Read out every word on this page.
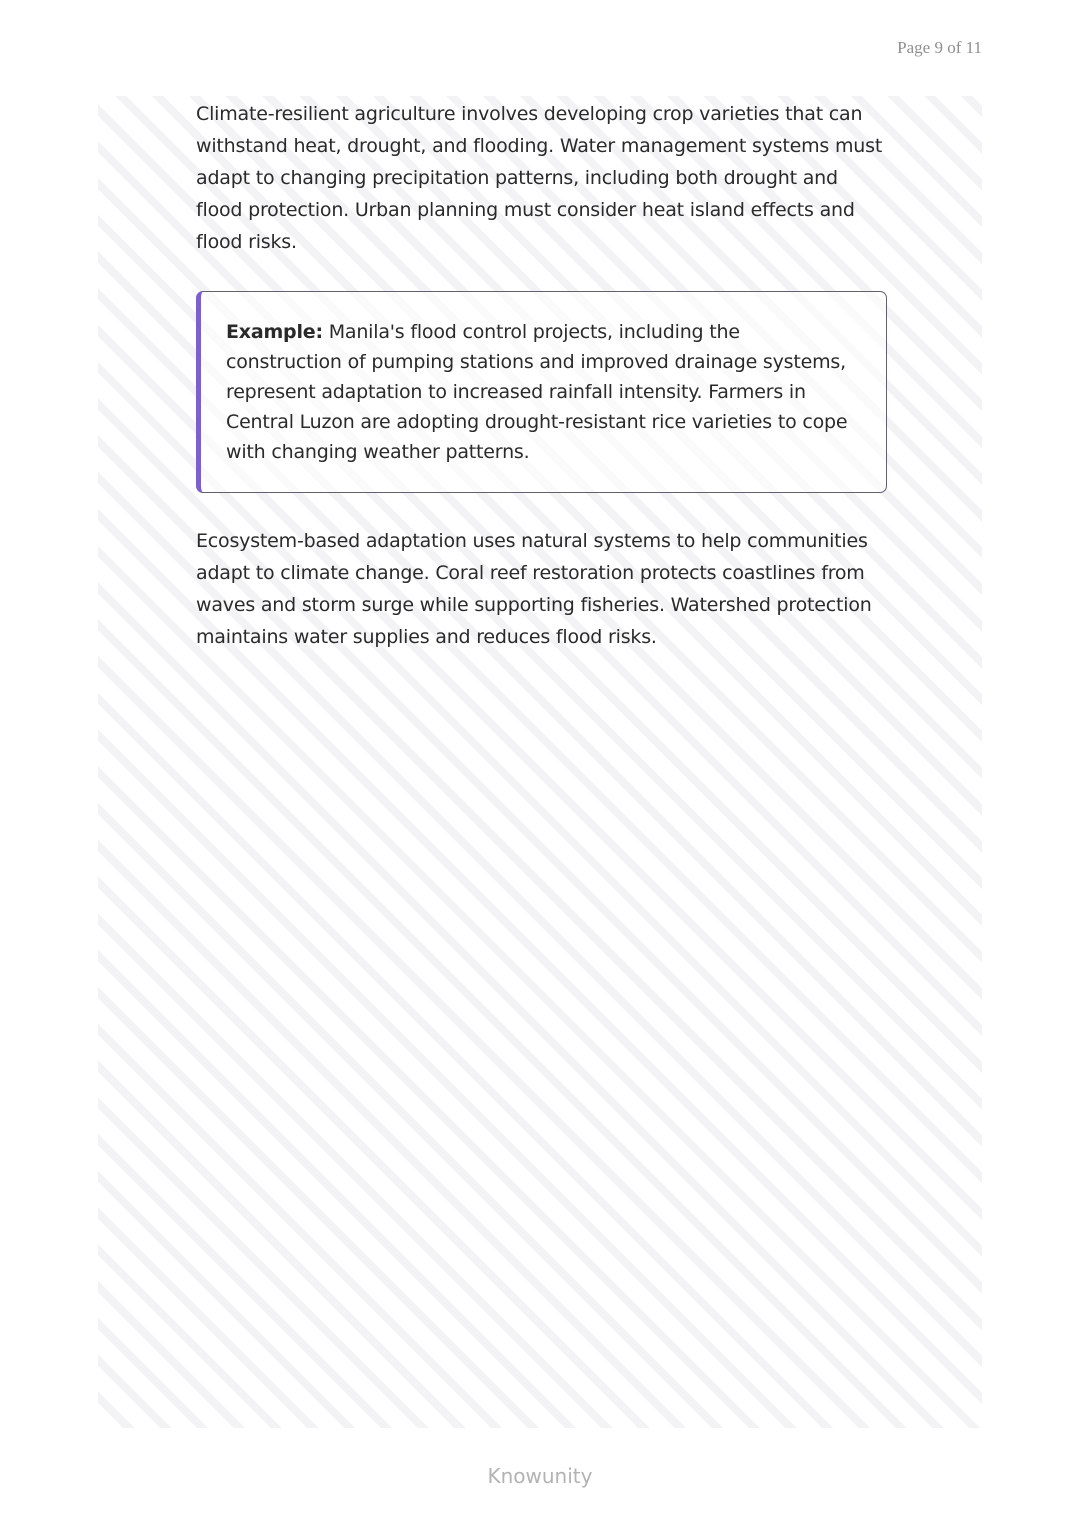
Page 9 of 11

Climate-resilient agriculture involves developing crop varieties that can withstand heat, drought, and flooding. Water management systems must adapt to changing precipitation patterns, including both drought and flood protection. Urban planning must consider heat island effects and flood risks.

Example: Manila's flood control projects, including the construction of pumping stations and improved drainage systems, represent adaptation to increased rainfall intensity. Farmers in Central Luzon are adopting drought-resistant rice varieties to cope with changing weather patterns.

Ecosystem-based adaptation uses natural systems to help communities adapt to climate change. Coral reef restoration protects coastlines from waves and storm surge while supporting fisheries. Watershed protection maintains water supplies and reduces flood risks.

Knowunity
